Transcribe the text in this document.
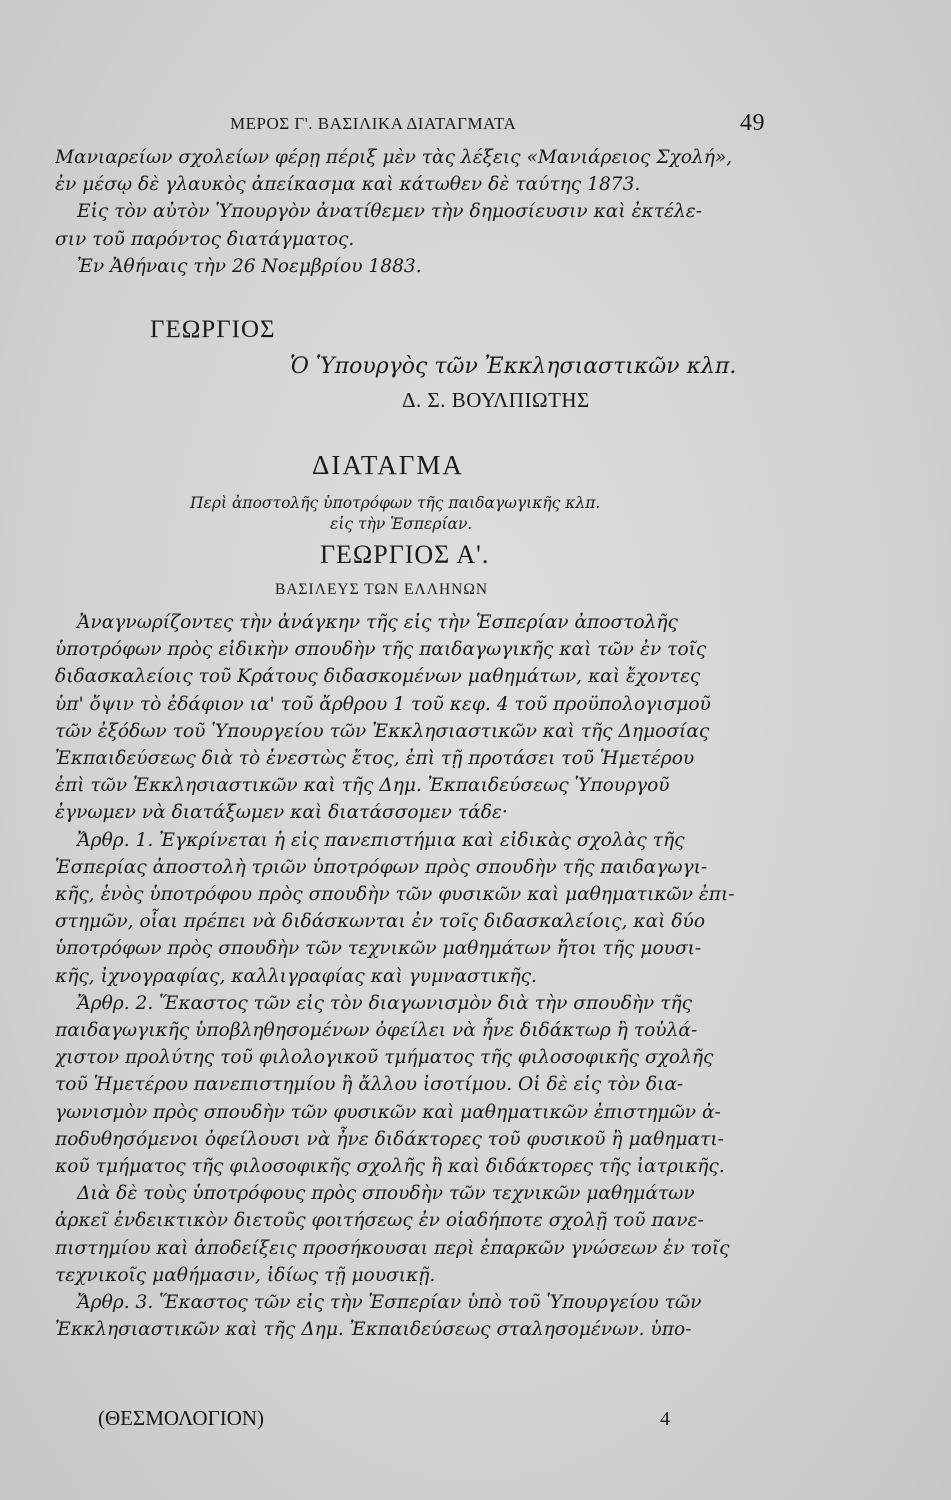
ΜΕΡΟΣ Γ'. ΒΑΣΙΛΙΚΑ ΔΙΑΤΑΓΜΑΤΑ	49
Μανιαρείων σχολείων φέρῃ πέριξ μὲν τὰς λέξεις «Μανιάρειος Σχολή»,
ἐν μέσῳ δὲ γλαυκὸς ἀπείκασμα καὶ κάτωθεν δὲ ταύτης 1873.
Εἰς τὸν αὐτὸν Ὑπουργὸν ἀνατίθεμεν τὴν δημοσίευσιν καὶ ἐκτέλε-
σιν τοῦ παρόντος διατάγματος.
Ἐν Ἀθήναις τὴν 26 Νοεμβρίου 1883.
ΓΕΩΡΓΙΟΣ
Ὁ Ὑπουργὸς τῶν Ἐκκλησιαστικῶν κλπ.
Δ. Σ. ΒΟΥΛΠΙΩΤΗΣ
ΔΙΑΤΑΓΜΑ
Περὶ ἀποστολῆς ὑποτρόφων τῆς παιδαγωγικῆς κλπ.
εἰς τὴν Ἑσπερίαν.
ΓΕΩΡΓΙΟΣ Α'.
ΒΑΣΙΛΕΥΣ ΤΩΝ ΕΛΛΗΝΩΝ
Ἀναγνωρίζοντες τὴν ἀνάγκην τῆς εἰς τὴν Ἑσπερίαν ἀποστολῆς
ὑποτρόφων πρὸς εἰδικὴν σπουδὴν τῆς παιδαγωγικῆς καὶ τῶν ἐν τοῖς
διδασκαλείοις τοῦ Κράτους διδασκομένων μαθημάτων, καὶ ἔχοντες
ὑπ' ὄψιν τὸ ἐδάφιον ια' τοῦ ἄρθρου 1 τοῦ κεφ. 4 τοῦ προϋπολογισμοῦ
τῶν ἐξόδων τοῦ Ὑπουργείου τῶν Ἐκκλησιαστικῶν καὶ τῆς Δημοσίας
Ἐκπαιδεύσεως διὰ τὸ ἐνεστὼς ἔτος, ἐπὶ τῇ προτάσει τοῦ Ἡμετέρου
ἐπὶ τῶν Ἐκκλησιαστικῶν καὶ τῆς Δημ. Ἐκπαιδεύσεως Ὑπουργοῦ
ἐγνωμεν νὰ διατάξωμεν καὶ διατάσσομεν τάδε·
Ἄρθρ. 1. Ἐγκρίνεται ἡ εἰς πανεπιστήμια καὶ εἰδικὰς σχολὰς τῆς
Ἑσπερίας ἀποστολὴ τριῶν ὑποτρόφων πρὸς σπουδὴν τῆς παιδαγωγι-
κῆς, ἑνὸς ὑποτρόφου πρὸς σπουδὴν τῶν φυσικῶν καὶ μαθηματικῶν ἐπι-
στημῶν, οἷαι πρέπει νὰ διδάσκωνται ἐν τοῖς διδασκαλείοις, καὶ δύο
ὑποτρόφων πρὸς σπουδὴν τῶν τεχνικῶν μαθημάτων ἤτοι τῆς μουσι-
κῆς, ἰχνογραφίας, καλλιγραφίας καὶ γυμναστικῆς.
Ἄρθρ. 2. Ἕκαστος τῶν εἰς τὸν διαγωνισμὸν διὰ τὴν σπουδὴν τῆς
παιδαγωγικῆς ὑποβληθησομένων ὀφείλει νὰ ἦνε διδάκτωρ ἢ τοὐλά-
χιστον προλύτης τοῦ φιλολογικοῦ τμήματος τῆς φιλοσοφικῆς σχολῆς
τοῦ Ἡμετέρου πανεπιστημίου ἢ ἄλλου ἰσοτίμου. Οἱ δὲ εἰς τὸν δια-
γωνισμὸν πρὸς σπουδὴν τῶν φυσικῶν καὶ μαθηματικῶν ἐπιστημῶν ἀ-
ποδυθησόμενοι ὀφείλουσι νὰ ἦνε διδάκτορες τοῦ φυσικοῦ ἢ μαθηματι-
κοῦ τμήματος τῆς φιλοσοφικῆς σχολῆς ἢ καὶ διδάκτορες τῆς ἰατρικῆς.
Διὰ δὲ τοὺς ὑποτρόφους πρὸς σπουδὴν τῶν τεχνικῶν μαθημάτων
ἀρκεῖ ἐνδεικτικὸν διετοῦς φοιτήσεως ἐν οἱαδήποτε σχολῇ τοῦ πανε-
πιστημίου καὶ ἀποδείξεις προσήκουσαι περὶ ἐπαρκῶν γνώσεων ἐν τοῖς
τεχνικοῖς μαθήμασιν, ἰδίως τῇ μουσικῇ.
Ἄρθρ. 3. Ἕκαστος τῶν εἰς τὴν Ἑσπερίαν ὑπὸ τοῦ Ὑπουργείου τῶν
Ἐκκλησιαστικῶν καὶ τῆς Δημ. Ἐκπαιδεύσεως σταλησομένων. ὑπο-
(ΘΕΣΜΟΛΟΓΙΟΝ)	4
